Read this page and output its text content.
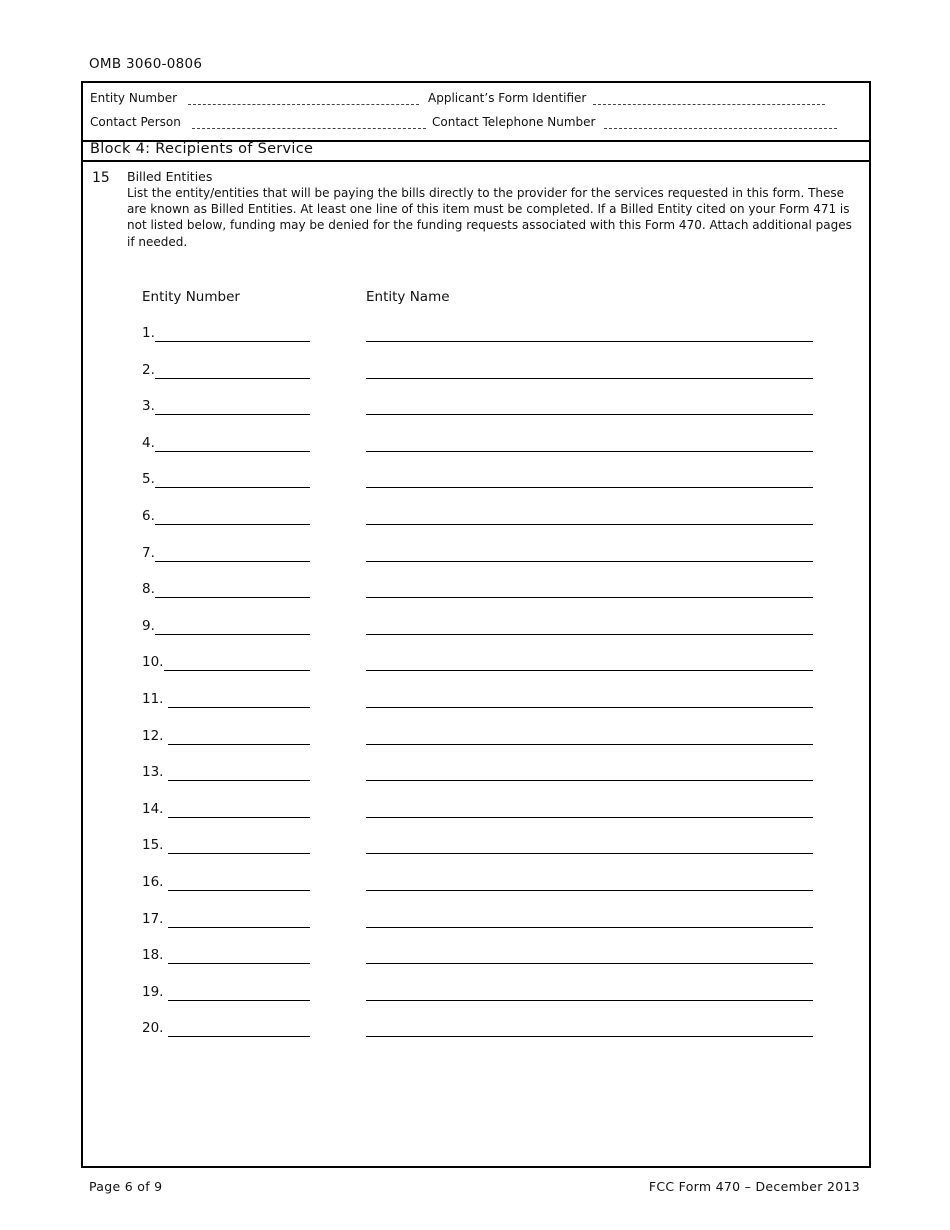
OMB 3060-0806
Entity Number	Applicant’s Form Identifier
Contact Person	Contact Telephone Number
Block 4: Recipients of Service
15 Billed Entities
List the entity/entities that will be paying the bills directly to the provider for the services requested in this form. These are known as Billed Entities. At least one line of this item must be completed. If a Billed Entity cited on your Form 471 is not listed below, funding may be denied for the funding requests associated with this Form 470. Attach additional pages if needed.
Entity Number	Entity Name
1.
2.
3.
4.
5.
6.
7.
8.
9.
10.
11.
12.
13.
14.
15.
16.
17.
18.
19.
20.
Page 6 of 9	FCC Form 470 – December 2013
